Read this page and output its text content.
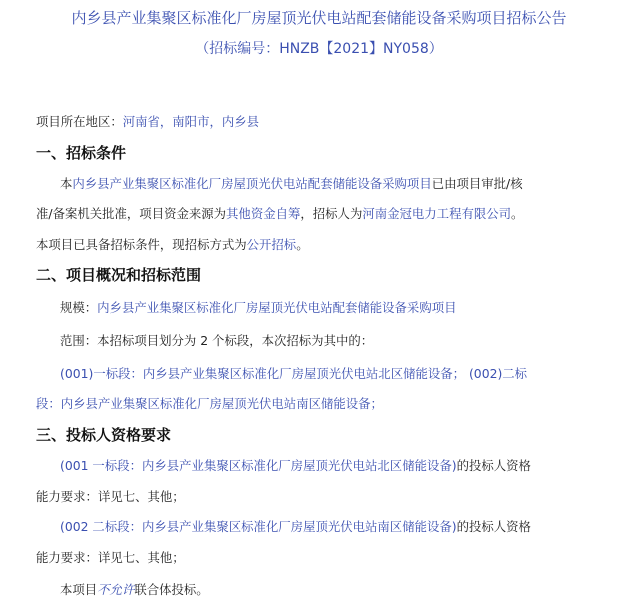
内乡县产业集聚区标准化厂房屋顶光伏电站配套储能设备采购项目招标公告
（招标编号：HNZB【2021】NY058）
项目所在地区：河南省，南阳市，内乡县
一、招标条件
本内乡县产业集聚区标准化厂房屋顶光伏电站配套储能设备采购项目已由项目审批/核
准/备案机关批准，项目资金来源为其他资金自筹，招标人为河南金冠电力工程有限公司。
本项目已具备招标条件，现招标方式为公开招标。
二、项目概况和招标范围
规模：内乡县产业集聚区标准化厂房屋顶光伏电站配套储能设备采购项目
范围：本招标项目划分为 2 个标段，本次招标为其中的：
(001)一标段：内乡县产业集聚区标准化厂房屋顶光伏电站北区储能设备； (002)二标
段：内乡县产业集聚区标准化厂房屋顶光伏电站南区储能设备；
三、投标人资格要求
(001 一标段：内乡县产业集聚区标准化厂房屋顶光伏电站北区储能设备)的投标人资格
能力要求：详见七、其他；
(002 二标段：内乡县产业集聚区标准化厂房屋顶光伏电站南区储能设备)的投标人资格
能力要求：详见七、其他；
本项目不允许联合体投标。
